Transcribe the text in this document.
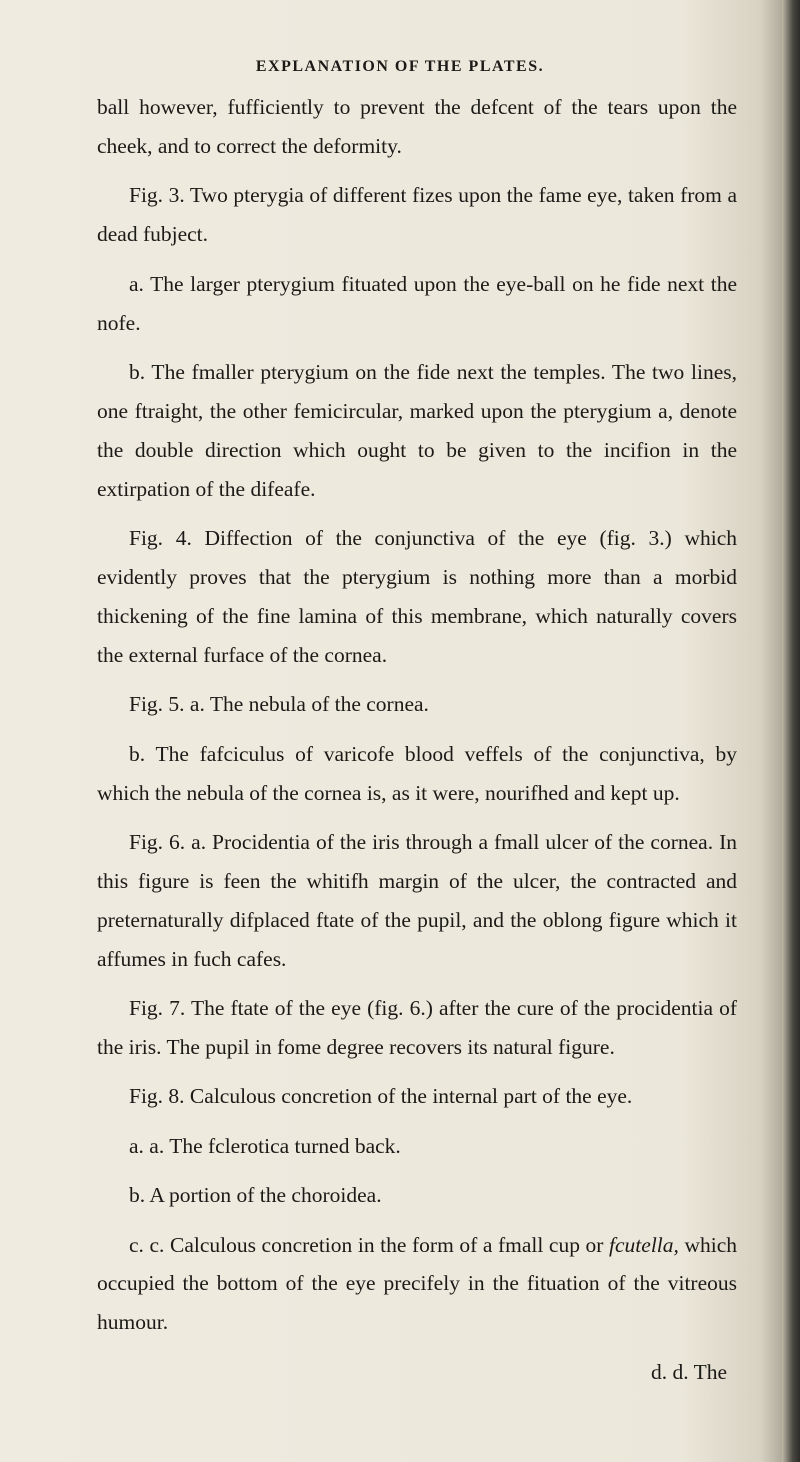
EXPLANATION OF THE PLATES.

ball however, fufficiently to prevent the defcent of the tears upon the cheek, and to correct the deformity.

Fig. 3. Two pterygia of different fizes upon the fame eye, taken from a dead fubject.

a. The larger pterygium fituated upon the eye-ball on he fide next the nofe.

b. The fmaller pterygium on the fide next the temples. The two lines, one ftraight, the other femicircular, marked upon the pterygium a, denote the double direction which ought to be given to the incifion in the extirpation of the difeafe.

Fig. 4. Diffection of the conjunctiva of the eye (fig. 3.) which evidently proves that the pterygium is nothing more than a morbid thickening of the fine lamina of this membrane, which naturally covers the external furface of the cornea.

Fig. 5. a. The nebula of the cornea.

b. The fafciculus of varicofe blood veffels of the conjunctiva, by which the nebula of the cornea is, as it were, nourifhed and kept up.

Fig. 6. a. Procidentia of the iris through a fmall ulcer of the cornea. In this figure is feen the whitifh margin of the ulcer, the contracted and preternaturally difplaced ftate of the pupil, and the oblong figure which it affumes in fuch cafes.

Fig. 7. The ftate of the eye (fig. 6.) after the cure of the procidentia of the iris. The pupil in fome degree recovers its natural figure.

Fig. 8. Calculous concretion of the internal part of the eye.

a. a. The fclerotica turned back.

b. A portion of the choroidea.

c. c. Calculous concretion in the form of a fmall cup or fcutella, which occupied the bottom of the eye precifely in the fituation of the vitreous humour.

d. d. The
